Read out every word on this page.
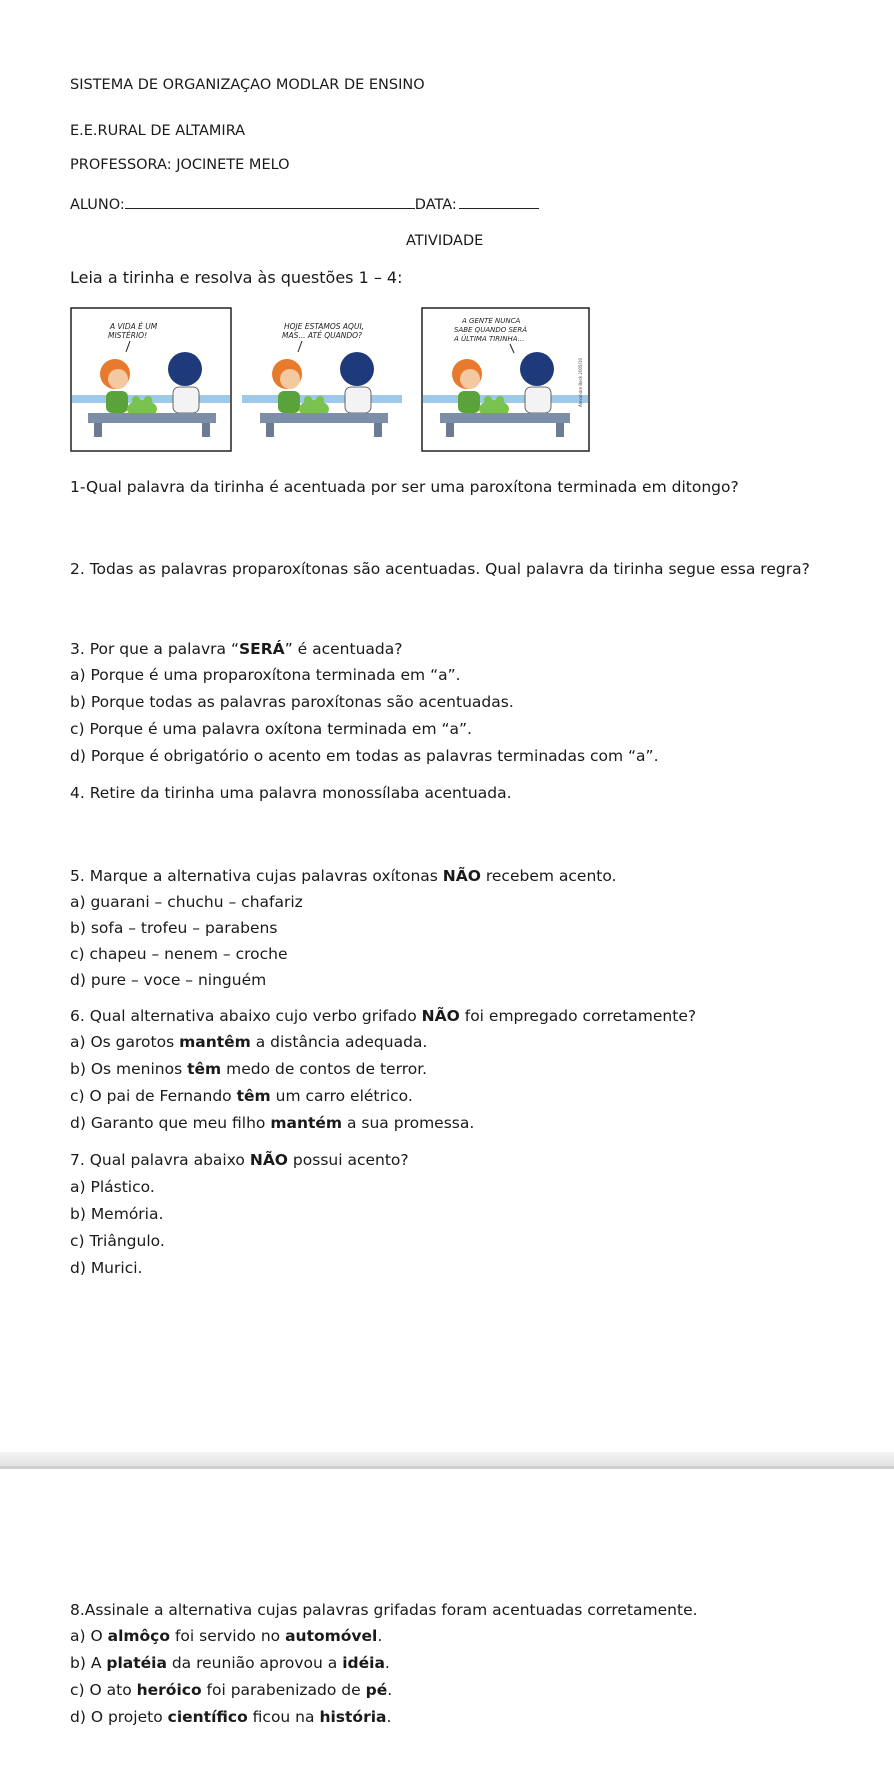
SISTEMA DE ORGANIZAÇAO MODLAR DE ENSINO
E.E.RURAL DE ALTAMIRA
PROFESSORA: JOCINETE MELO
ALUNO:	DATA:
ATIVIDADE
Leia a tirinha e resolva às questões 1 – 4:
A VIDA É UM
MISTÉRIO!
HOJE ESTAMOS AQUI,
MAS... ATÉ QUANDO?
A GENTE NUNCA
SABE QUANDO SERÁ
A ÚLTIMA TIRINHA...
Alexandre Beck 2005/10
1-Qual palavra da tirinha é acentuada por ser uma paroxítona terminada em ditongo?
2. Todas as palavras proparoxítonas são acentuadas. Qual palavra da tirinha segue essa regra?
3. Por que a palavra “SERÁ” é acentuada?
a) Porque é uma proparoxítona terminada em “a”.
b) Porque todas as palavras paroxítonas são acentuadas.
c) Porque é uma palavra oxítona terminada em “a”.
d) Porque é obrigatório o acento em todas as palavras terminadas com “a”.
4. Retire da tirinha uma palavra monossílaba acentuada.
5. Marque a alternativa cujas palavras oxítonas NÃO recebem acento.
a) guarani – chuchu – chafariz
b) sofa – trofeu – parabens
c) chapeu – nenem – croche
d) pure – voce – ninguém
6. Qual alternativa abaixo cujo verbo grifado NÃO foi empregado corretamente?
a) Os garotos mantêm a distância adequada.
b) Os meninos têm medo de contos de terror.
c) O pai de Fernando têm um carro elétrico.
d) Garanto que meu filho mantém a sua promessa.
7. Qual palavra abaixo NÃO possui acento?
a) Plástico.
b) Memória.
c) Triângulo.
d) Murici.
8.Assinale a alternativa cujas palavras grifadas foram acentuadas corretamente.
a) O almôço foi servido no automóvel.
b) A platéia da reunião aprovou a idéia.
c) O ato heróico foi parabenizado de pé.
d) O projeto científico ficou na história.
